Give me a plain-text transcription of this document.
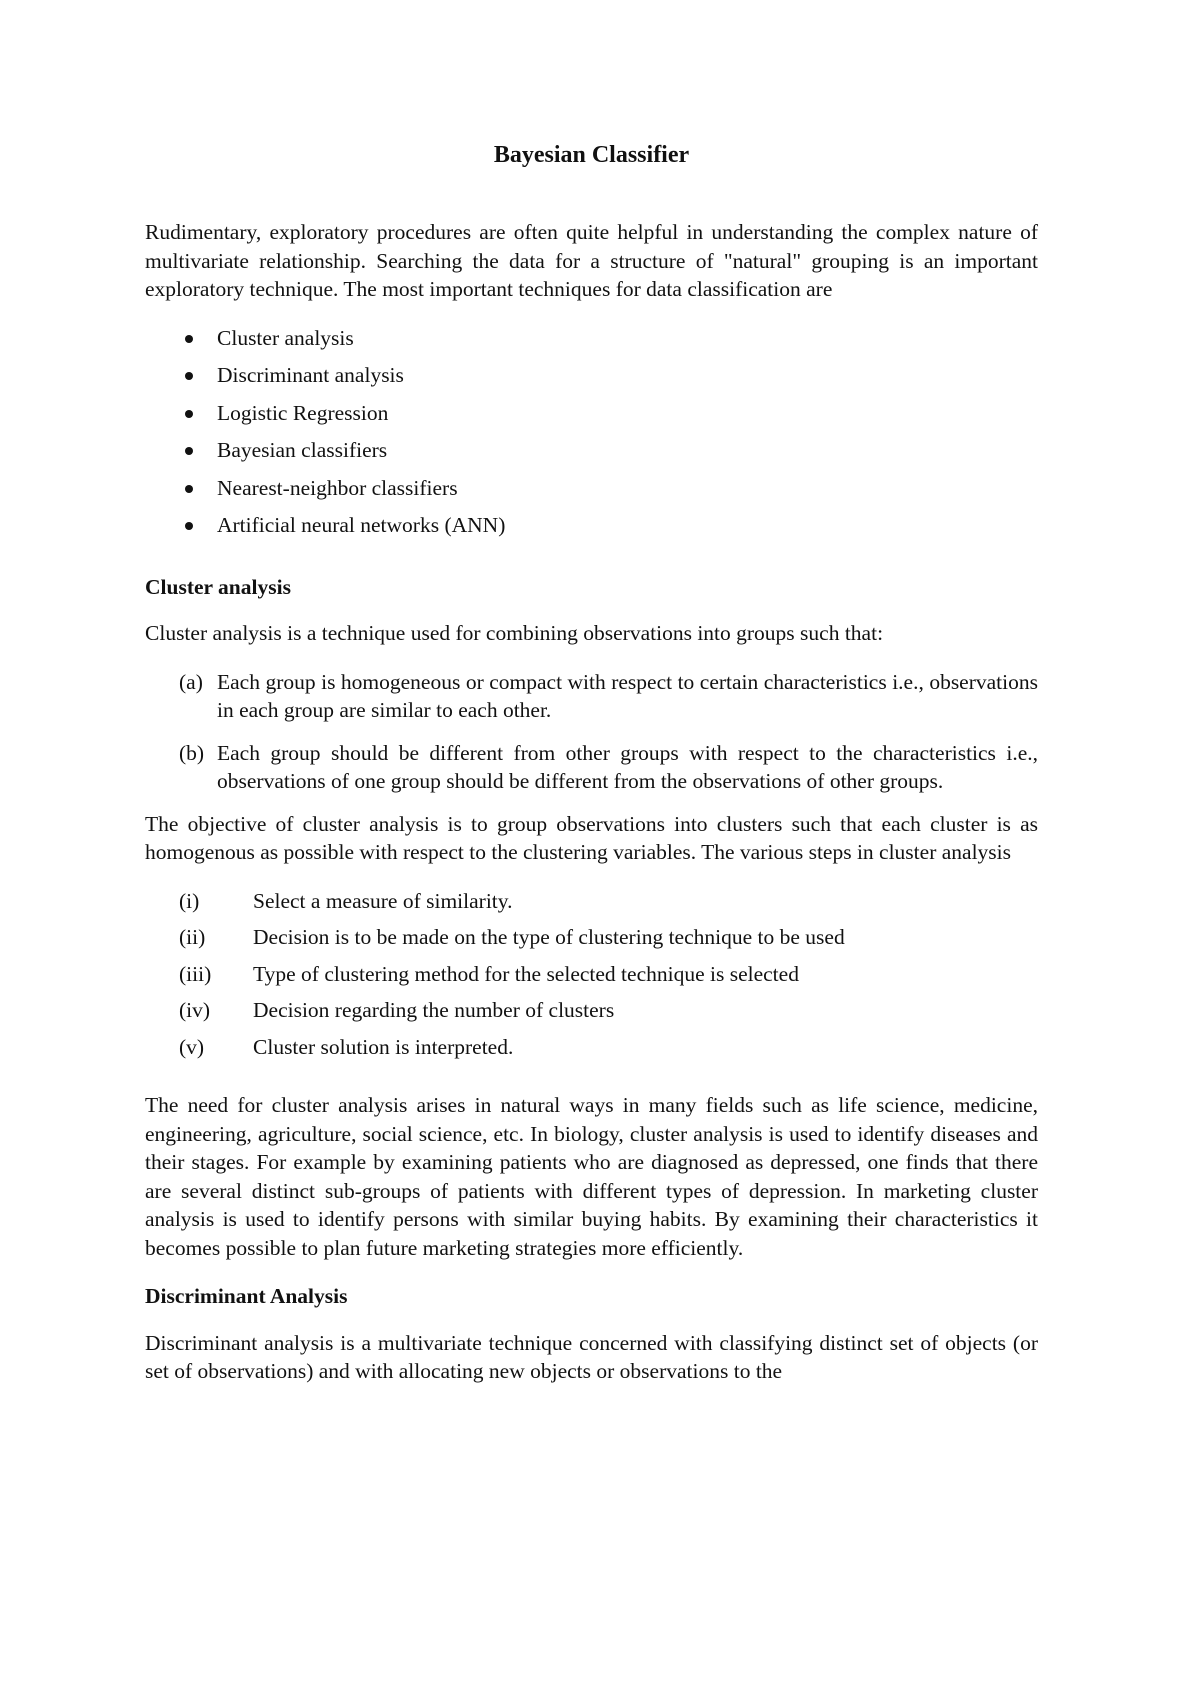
Bayesian Classifier

Rudimentary, exploratory procedures are often quite helpful in understanding the complex nature of multivariate relationship. Searching the data for a structure of "natural" grouping is an important exploratory technique. The most important techniques for data classification are

Cluster analysis
Discriminant analysis
Logistic Regression
Bayesian classifiers
Nearest-neighbor classifiers
Artificial neural networks (ANN)
Cluster analysis

Cluster analysis is a technique used for combining observations into groups such that:

(a) Each group is homogeneous or compact with respect to certain characteristics i.e., observations in each group are similar to each other.
(b) Each group should be different from other groups with respect to the characteristics i.e., observations of one group should be different from the observations of other groups.

The objective of cluster analysis is to group observations into clusters such that each cluster is as homogenous as possible with respect to the clustering variables. The various steps in cluster analysis

(i) Select a measure of similarity.
(ii) Decision is to be made on the type of clustering technique to be used
(iii) Type of clustering method for the selected technique is selected
(iv) Decision regarding the number of clusters
(v) Cluster solution is interpreted.

The need for cluster analysis arises in natural ways in many fields such as life science, medicine, engineering, agriculture, social science, etc. In biology, cluster analysis is used to identify diseases and their stages. For example by examining patients who are diagnosed as depressed, one finds that there are several distinct sub-groups of patients with different types of depression. In marketing cluster analysis is used to identify persons with similar buying habits. By examining their characteristics it becomes possible to plan future marketing strategies more efficiently.

Discriminant Analysis

Discriminant analysis is a multivariate technique concerned with classifying distinct set of objects (or set of observations) and with allocating new objects or observations to the
